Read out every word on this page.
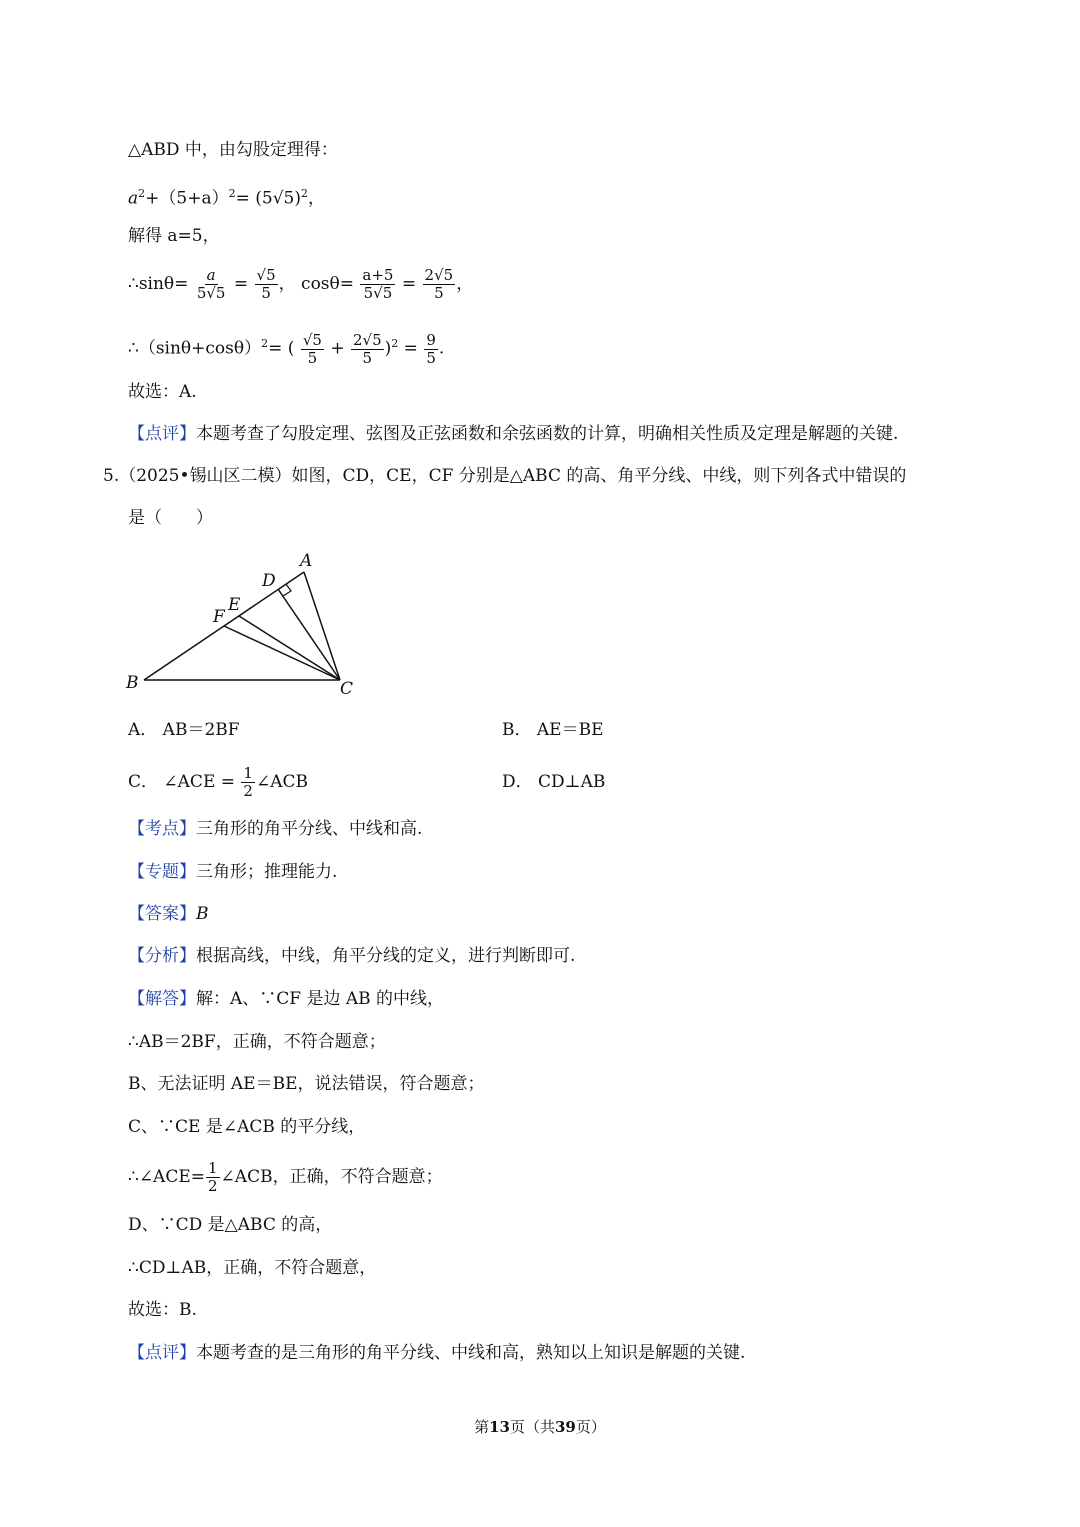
△ABD 中，由勾股定理得：
$a^2+(5+a)^2= (5√5)^2$，
解得 a=5，
∴sinθ= $\frac{a}{5√5} = \frac{√5}{5}$ ， $\cos\theta= \frac{a+5}{5√5} = \frac{2√5}{5}$ ，
$\therefore(\sin\theta+\cos\theta)^2=$ ( $\frac{√5}{5} + \frac{2√5}{5} )^2 = \frac{9}{5}$ .
故选：A.
【点评】本题考查了勾股定理、弦图及正弦函数和余弦函数的计算，明确相关性质及定理是解题的关键.
5.（2025•锡山区二模）如图，CD，CE，CF 分别是△ABC 的高、角平分线、中线，则下列各式中错误的
是（　　）
A
B	C
D
E
F
A． AB＝2BF	B． AE＝BE
C． ∠ACE = $\frac{1}{2}$ ∠ACB	D． CD⊥AB
【考点】三角形的角平分线、中线和高.
【专题】三角形；推理能力.
【答案】B
【分析】根据高线，中线，角平分线的定义，进行判断即可.
【解答】解：A、∵CF 是边 AB 的中线，
∴AB＝2BF，正确，不符合题意；
B、无法证明 AE＝BE，说法错误，符合题意；
C、∵CE 是∠ACB 的平分线，
∴∠ACE= $\frac{1}{2}$ ∠ACB，正确，不符合题意；
D、∵CD 是△ABC 的高，
∴CD⊥AB，正确，不符合题意，
故选：B.
【点评】本题考查的是三角形的角平分线、中线和高，熟知以上知识是解题的关键.
第13页（共39页）
